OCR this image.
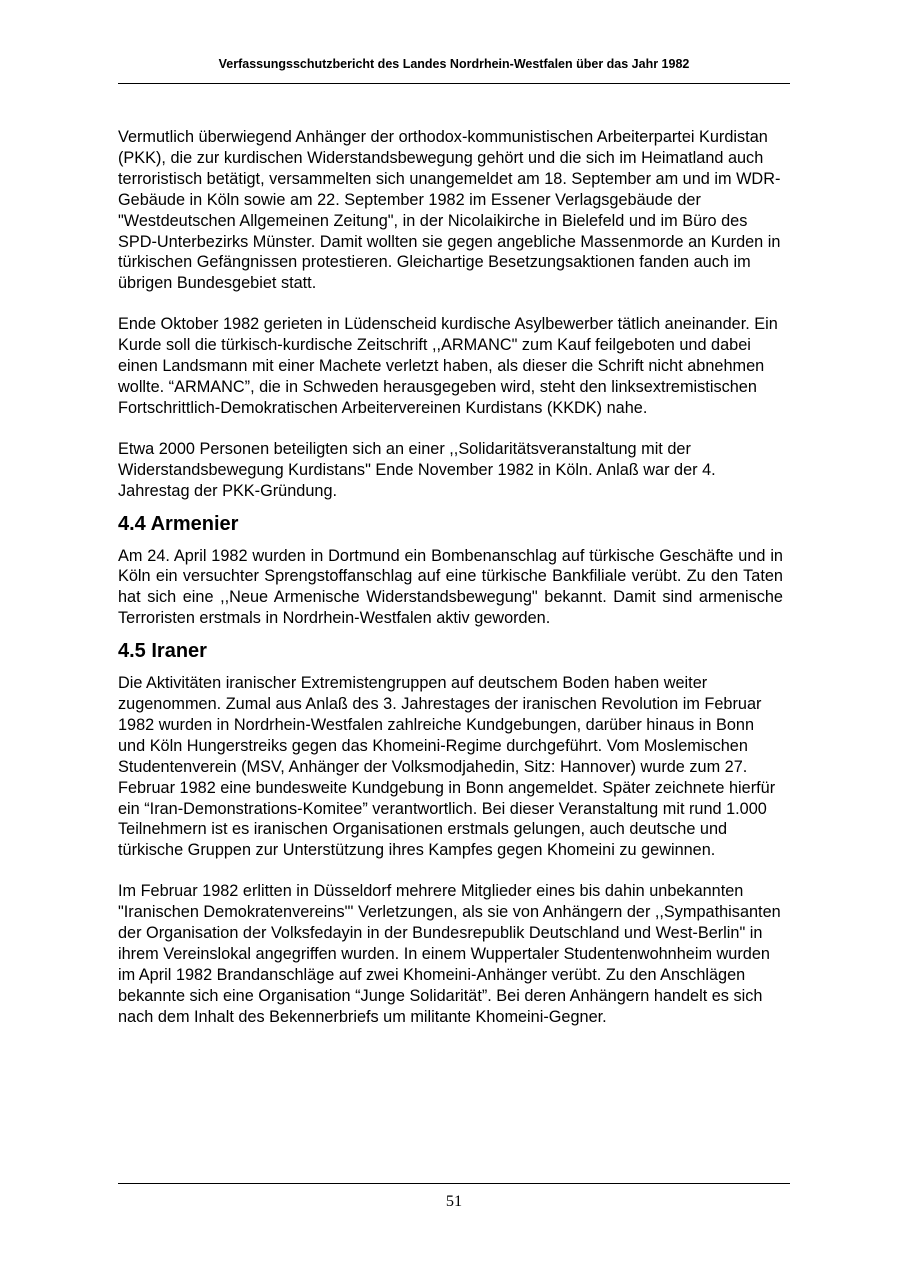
Verfassungsschutzbericht des Landes Nordrhein-Westfalen über das Jahr 1982

Vermutlich überwiegend Anhänger der orthodox-kommunistischen Arbeiterpartei Kurdistan (PKK), die zur kurdischen Widerstandsbewegung gehört und die sich im Heimatland auch terroristisch betätigt, versammelten sich unangemeldet am 18. September am und im WDR-Gebäude in Köln sowie am 22. September 1982 im Essener Verlagsgebäude der "Westdeutschen Allgemeinen Zeitung", in der Nicolaikirche in Bielefeld und im Büro des SPD-Unterbezirks Münster. Damit wollten sie gegen angebliche Massenmorde an Kurden in türkischen Gefängnissen protestieren. Gleichartige Besetzungsaktionen fanden auch im übrigen Bundesgebiet statt.

Ende Oktober 1982 gerieten in Lüdenscheid kurdische Asylbewerber tätlich aneinander. Ein Kurde soll die türkisch-kurdische Zeitschrift ,,ARMANC" zum Kauf feilgeboten und dabei einen Landsmann mit einer Machete verletzt haben, als dieser die Schrift nicht abnehmen wollte. “ARMANC”, die in Schweden herausgegeben wird, steht den linksextremistischen Fortschrittlich-Demokratischen Arbeitervereinen Kurdistans (KKDK) nahe.

Etwa 2000 Personen beteiligten sich an einer ,,Solidaritätsveranstaltung mit der Widerstandsbewegung Kurdistans" Ende November 1982 in Köln. Anlaß war der 4. Jahrestag der PKK-Gründung.

4.4 Armenier

Am 24. April 1982 wurden in Dortmund ein Bombenanschlag auf türkische Geschäfte und in Köln ein versuchter Sprengstoffanschlag auf eine türkische Bankfiliale verübt. Zu den Taten hat sich eine ,,Neue Armenische Widerstandsbewegung" bekannt. Damit sind armenische Terroristen erstmals in Nordrhein-Westfalen aktiv geworden.

4.5 Iraner

Die Aktivitäten iranischer Extremistengruppen auf deutschem Boden haben weiter zugenommen. Zumal aus Anlaß des 3. Jahrestages der iranischen Revolution im Februar 1982 wurden in Nordrhein-Westfalen zahlreiche Kundgebungen, darüber hinaus in Bonn und Köln Hungerstreiks gegen das Khomeini-Regime durchgeführt. Vom Moslemischen Studentenverein (MSV, Anhänger der Volksmodjahedin, Sitz: Hannover) wurde zum 27. Februar 1982 eine bundesweite Kundgebung in Bonn angemeldet. Später zeichnete hierfür ein “Iran-Demonstrations-Komitee” verantwortlich. Bei dieser Veranstaltung mit rund 1.000 Teilnehmern ist es iranischen Organisationen erstmals gelungen, auch deutsche und türkische Gruppen zur Unterstützung ihres Kampfes gegen Khomeini zu gewinnen.

Im Februar 1982 erlitten in Düsseldorf mehrere Mitglieder eines bis dahin unbekannten "Iranischen Demokratenvereins"' Verletzungen, als sie von Anhängern der ,,Sympathisanten der Organisation der Volksfedayin in der Bundesrepublik Deutschland und West-Berlin" in ihrem Vereinslokal angegriffen wurden. In einem Wuppertaler Studentenwohnheim wurden im April 1982 Brandanschläge auf zwei Khomeini-Anhänger verübt. Zu den Anschlägen bekannte sich eine Organisation “Junge Solidarität”. Bei deren Anhängern handelt es sich nach dem Inhalt des Bekennerbriefs um militante Khomeini-Gegner.

51
